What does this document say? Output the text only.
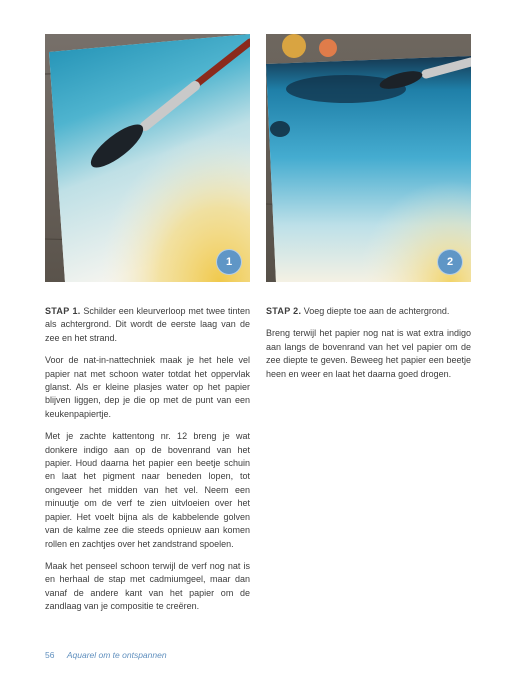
1	2

STAP 1. Schilder een kleurverloop met twee tinten als achtergrond. Dit wordt de eerste laag van de zee en het strand.

Voor de nat-in-nattechniek maak je het hele vel papier nat met schoon water totdat het oppervlak glanst. Als er kleine plasjes water op het papier blijven liggen, dep je die op met de punt van een keukenpapiertje.

Met je zachte kattentong nr. 12 breng je wat donkere indigo aan op de bovenrand van het papier. Houd daarna het papier een beetje schuin en laat het pigment naar beneden lopen, tot ongeveer het midden van het vel. Neem een minuutje om de verf te zien uitvloeien over het papier. Het voelt bijna als de kabbelende golven van de kalme zee die steeds opnieuw aan komen rollen en zachtjes over het zandstrand spoelen.

Maak het penseel schoon terwijl de verf nog nat is en herhaal de stap met cadmiumgeel, maar dan vanaf de andere kant van het papier om de zandlaag van je compositie te creëren.

STAP 2. Voeg diepte toe aan de achtergrond.

Breng terwijl het papier nog nat is wat extra indigo aan langs de bovenrand van het vel papier om de zee diepte te geven. Beweeg het papier een beetje heen en weer en laat het daarna goed drogen.

56 Aquarel om te ontspannen
